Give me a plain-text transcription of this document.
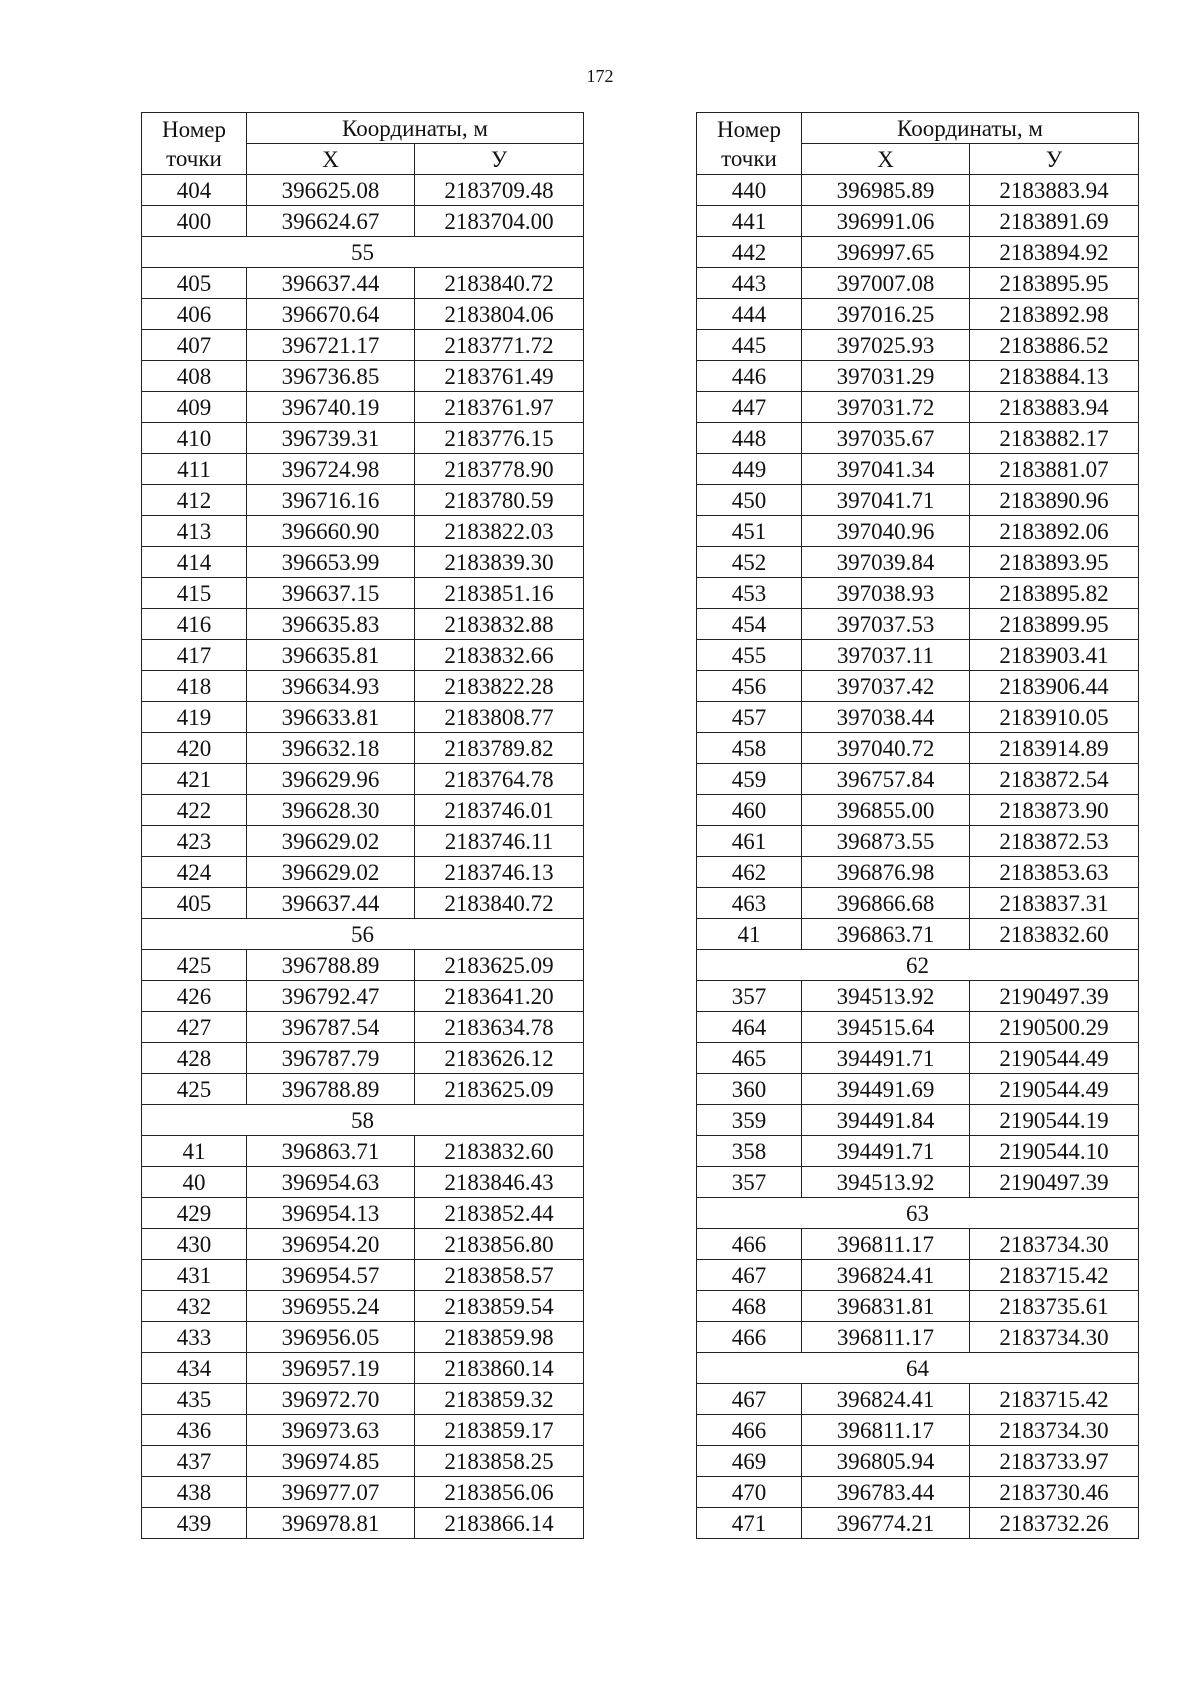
172
Номер
точки	Координаты, м	
	X	У
404	396625.08	2183709.48
400	396624.67	2183704.00
55		
405	396637.44	2183840.72
406	396670.64	2183804.06
407	396721.17	2183771.72
408	396736.85	2183761.49
409	396740.19	2183761.97
410	396739.31	2183776.15
411	396724.98	2183778.90
412	396716.16	2183780.59
413	396660.90	2183822.03
414	396653.99	2183839.30
415	396637.15	2183851.16
416	396635.83	2183832.88
417	396635.81	2183832.66
418	396634.93	2183822.28
419	396633.81	2183808.77
420	396632.18	2183789.82
421	396629.96	2183764.78
422	396628.30	2183746.01
423	396629.02	2183746.11
424	396629.02	2183746.13
405	396637.44	2183840.72
56		
425	396788.89	2183625.09
426	396792.47	2183641.20
427	396787.54	2183634.78
428	396787.79	2183626.12
425	396788.89	2183625.09
58		
41	396863.71	2183832.60
40	396954.63	2183846.43
429	396954.13	2183852.44
430	396954.20	2183856.80
431	396954.57	2183858.57
432	396955.24	2183859.54
433	396956.05	2183859.98
434	396957.19	2183860.14
435	396972.70	2183859.32
436	396973.63	2183859.17
437	396974.85	2183858.25
438	396977.07	2183856.06
439	396978.81	2183866.14
Номер
точки	Координаты, м	
	X	У
440	396985.89	2183883.94
441	396991.06	2183891.69
442	396997.65	2183894.92
443	397007.08	2183895.95
444	397016.25	2183892.98
445	397025.93	2183886.52
446	397031.29	2183884.13
447	397031.72	2183883.94
448	397035.67	2183882.17
449	397041.34	2183881.07
450	397041.71	2183890.96
451	397040.96	2183892.06
452	397039.84	2183893.95
453	397038.93	2183895.82
454	397037.53	2183899.95
455	397037.11	2183903.41
456	397037.42	2183906.44
457	397038.44	2183910.05
458	397040.72	2183914.89
459	396757.84	2183872.54
460	396855.00	2183873.90
461	396873.55	2183872.53
462	396876.98	2183853.63
463	396866.68	2183837.31
41	396863.71	2183832.60
62		
357	394513.92	2190497.39
464	394515.64	2190500.29
465	394491.71	2190544.49
360	394491.69	2190544.49
359	394491.84	2190544.19
358	394491.71	2190544.10
357	394513.92	2190497.39
63		
466	396811.17	2183734.30
467	396824.41	2183715.42
468	396831.81	2183735.61
466	396811.17	2183734.30
64		
467	396824.41	2183715.42
466	396811.17	2183734.30
469	396805.94	2183733.97
470	396783.44	2183730.46
471	396774.21	2183732.26
